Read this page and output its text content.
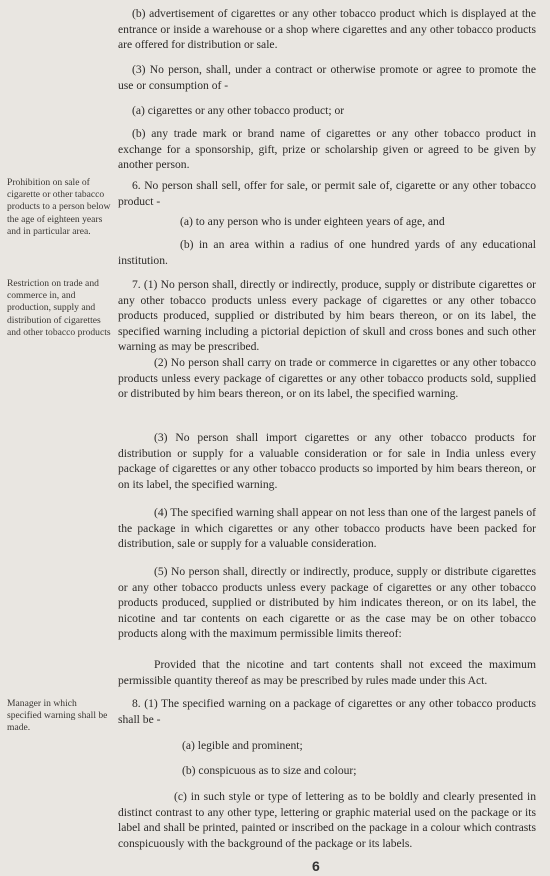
Prohibition on sale of cigarette or other tabacco products to a person below the age of eighteen years and in particular area.
Restriction on trade and commerce in, and production, supply and distribution of cigarettes and other tobacco products
Manager in which specified warning shall be made.
(b) advertisement of cigarettes or any other tobacco product which is displayed at the entrance or inside a warehouse or a shop where cigarettes and any other tobacco products are offered for distribution or sale.
(3) No person, shall, under a contract or otherwise promote or agree to promote the use or consumption of -
(a) cigarettes or any other tobacco product; or
(b) any trade mark or brand name of cigarettes or any other tobacco product in exchange for a sponsorship, gift, prize or scholarship given or agreed to be given by another person.
6. No person shall sell, offer for sale, or permit sale of, cigarette or any other tobacco product -
(a) to any person who is under eighteen years of age, and
(b) in an area within a radius of one hundred yards of any educational institution.
7. (1) No person shall, directly or indirectly, produce, supply or distribute cigarettes or any other tobacco products unless every package of cigarettes or any other tobacco products produced, supplied or distributed by him bears thereon, or on its label, the specified warning including a pictorial depiction of skull and cross bones and such other warning as may be prescribed.
(2) No person shall carry on trade or commerce in cigarettes or any other tobacco products unless every package of cigarettes or any other tobacco products sold, supplied or distributed by him bears thereon, or on its label, the specified warning.
(3) No person shall import cigarettes or any other tobacco products for distribution or supply for a valuable consideration or for sale in India unless every package of cigarettes or any other tobacco products so imported by him bears thereon, or on its label, the specified warning.
(4) The specified warning shall appear on not less than one of the largest panels of the package in which cigarettes or any other tobacco products have been packed for distribution, sale or supply for a valuable consideration.
(5) No person shall, directly or indirectly, produce, supply or distribute cigarettes or any other tobacco products unless every package of cigarettes or any other tobacco products produced, supplied or distributed by him indicates thereon, or on its label, the nicotine and tar contents on each cigarette or as the case may be on other tobacco products along with the maximum permissible limits thereof:
Provided that the nicotine and tart contents shall not exceed the maximum permissible quantity thereof as may be prescribed by rules made under this Act.
8. (1) The specified warning on a package of cigarettes or any other tobacco products shall be -
(a) legible and prominent;
(b) conspicuous as to size and colour;
(c) in such style or type of lettering as to be boldly and clearly presented in distinct contrast to any other type, lettering or graphic material used on the package or its label and shall be printed, painted or inscribed on the package in a colour which contrasts conspicuously with the background of the package or its labels.
6
